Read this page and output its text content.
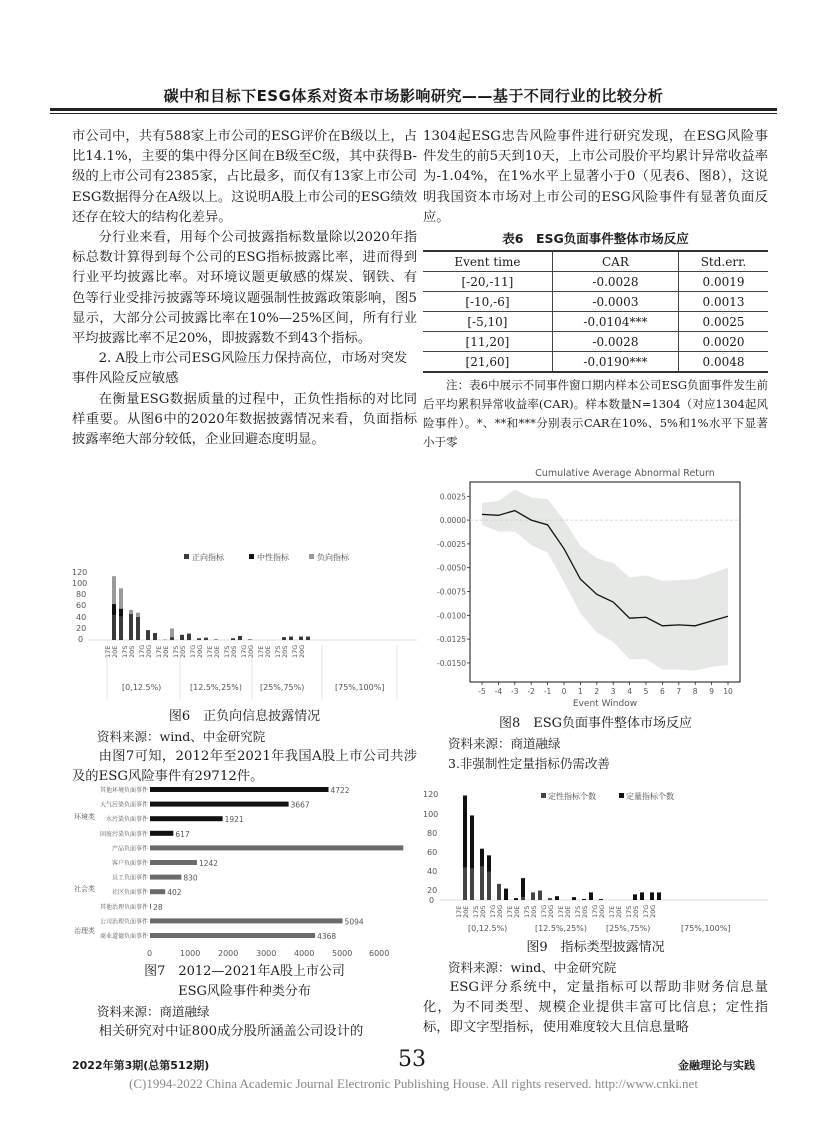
碳中和目标下ESG体系对资本市场影响研究——基于不同行业的比较分析

市公司中，共有588家上市公司的ESG评价在B级以上，占比14.1%，主要的集中得分区间在B级至C级，其中获得B-级的上市公司有2385家，占比最多，而仅有13家上市公司ESG数据得分在A级以上。这说明A股上市公司的ESG绩效还存在较大的结构化差异。

分行业来看，用每个公司披露指标数量除以2020年指标总数计算得到每个公司的ESG指标披露比率，进而得到行业平均披露比率。对环境议题更敏感的煤炭、钢铁、有色等行业受排污披露等环境议题强制性披露政策影响，图5显示，大部分公司披露比率在10%—25%区间，所有行业平均披露比率不足20%，即披露数不到43个指标。

2. A股上市公司ESG风险压力保持高位，市场对突发事件风险反应敏感

在衡量ESG数据质量的过程中，正负性指标的对比同样重要。从图6中的2020年数据披露情况来看，负面指标披露率绝大部分较低，企业回避态度明显。

正向指标	中性指标	负向指标
120
100
80
60
40
20
0
17E 20E 17S 20S 17G 20G 17E 20E 17S 20S 17G 20G 17E 20E 17S 20S 17G 20G 17E 20E 17S 20S 17G 20G
[0,12.5%)	[12.5%,25%) [25%,75%)	[75%,100%]

图6　正负向信息披露情况

资料来源：wind、中金研究院

由图7可知，2012年至2021年我国A股上市公司共涉及的ESG风险事件有29712件。

其他环境负面事件	4722
大气污染负面事件	3667
水污染负面事件	1921
固废污染负面事件	617
产品负面事件
客户负面事件	1242
员工负面事件	830
社区负面事件	402
其他治理负面事件 28
公司治理负面事件	5094
商业道德负面事件	4368
0	1000 2000 3000 4000 5000 6000
环境类
社会类
治理类

图7　2012—2021年A股上市公司

ESG风险事件种类分布

资料来源：商道融绿

相关研究对中证800成分股所涵盖公司设计的

1304起ESG忠告风险事件进行研究发现，在ESG风险事件发生的前5天到10天，上市公司股价平均累计异常收益率为-1.04%，在1%水平上显著小于0（见表6、图8），这说明我国资本市场对上市公司的ESG风险事件有显著负面反应。

表6　ESG负面事件整体市场反应
Event time	CAR	Std.err.
[-20,-11]	-0.0028	0.0019
[-10,-6]	-0.0003	0.0013
[-5,10]	-0.0104***	0.0025
[11,20]	-0.0028	0.0020
[21,60]	-0.0190***	0.0048

注：表6中展示不同事件窗口期内样本公司ESG负面事件发生前后平均累积异常收益率(CAR)。样本数量N=1304（对应1304起风险事件）。*、**和***分别表示CAR在10%、5%和1%水平下显著小于零

Cumulative Average Abnormal Return
0.0025
0.0000
-0.0025
-0.0050
-0.0075
-0.0100
-0.0125
-0.0150
-5 -4 -3 -2 -1 0 1 2 3 4 5 6 7 8 9 10
Event Window

图8　ESG负面事件整体市场反应

资料来源：商道融绿

3.非强制性定量指标仍需改善

定性指标个数	定量指标个数
120
100
80
60
40
20
0
17E 20E 17S 20S 17G 20G 17E 20E 17S 20S 17G 20G 17E 20E 17S 20S 17G 20G 17E 20E 17S 20S 17G 20G
[0,12.5%)	[12.5%,25%) [25%,75%)	[75%,100%]

图9　指标类型披露情况

资料来源：wind、中金研究院

ESG评分系统中，定量指标可以帮助非财务信息量化，为不同类型、规模企业提供丰富可比信息；定性指标，即文字型指标，使用难度较大且信息量略

2022年第3期(总第512期)	53	金融理论与实践
(C)1994-2022 China Academic Journal Electronic Publishing House. All rights reserved. http://www.cnki.net
